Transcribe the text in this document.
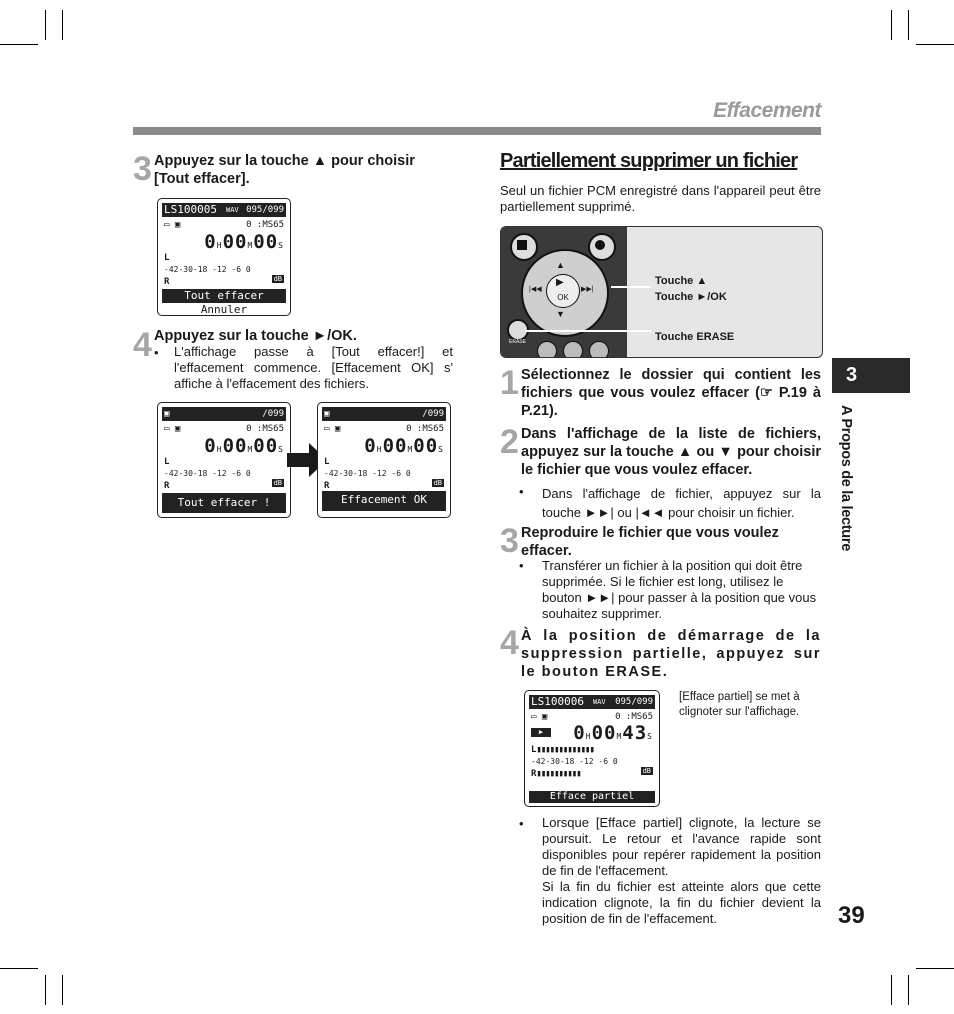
Effacement
3 Appuyez sur la touche ▲ pour choisir
[Tout effacer].
LS100005 WAV 095/099
▭ ▣	0 :MS65
0H00M00S
L
-42-30-18 -12 -6 0
R	dB
Tout effacer
Annuler
4 Appuyez sur la touche ►/OK.
• L'affichage passe à [Tout effacer!] et l'effacement commence. [Effacement OK] s' affiche à l'effacement des fichiers.
▣	/099
▭ ▣	0 :MS65
0H00M00S
L
-42-30-18 -12 -6 0
R	dB
Tout effacer !
▣	/099
▭ ▣	0 :MS65
0H00M00S
L
-42-30-18 -12 -6 0
R	dB
Effacement OK
Partiellement supprimer un fichier
Seul un fichier PCM enregistré dans l'appareil peut être partiellement supprimé.
OK
▶
▲
▼
|◀◀	▶▶|
ERASE
Touche ▲
Touche ►/OK
Touche ERASE
1 Sélectionnez le dossier qui contient les fichiers que vous voulez effacer (☞ P.19 à P.21).
2 Dans l'affichage de la liste de fichiers, appuyez sur la touche ▲ ou ▼ pour choisir le fichier que vous voulez effacer.
• Dans l'affichage de fichier, appuyez sur la touche ►►| ou |◄◄ pour choisir un fichier.
3 Reproduire le fichier que vous voulez effacer.
• Transférer un fichier à la position qui doit être supprimée. Si le fichier est long, utilisez le bouton ►►| pour passer à la position que vous souhaitez supprimer.
4 À la position de démarrage de la suppression partielle, appuyez sur le bouton ERASE.
LS100006 WAV 095/099
▭ ▣	0 :MS65
▶	0H00M43S
L▮▮▮▮▮▮▮▮▮▮▮▮▮
-42-30-18 -12 -6 0
R▮▮▮▮▮▮▮▮▮▮	dB
Efface partiel
[Efface partiel] se met à clignoter sur l'affichage.
• Lorsque [Efface partiel] clignote, la lecture se poursuit. Le retour et l'avance rapide sont disponibles pour repérer rapidement la position de fin de l'effacement.
Si la fin du fichier est atteinte alors que cette indication clignote, la fin du fichier devient la position de fin de l'effacement.
3
A Propos de la lecture
39
